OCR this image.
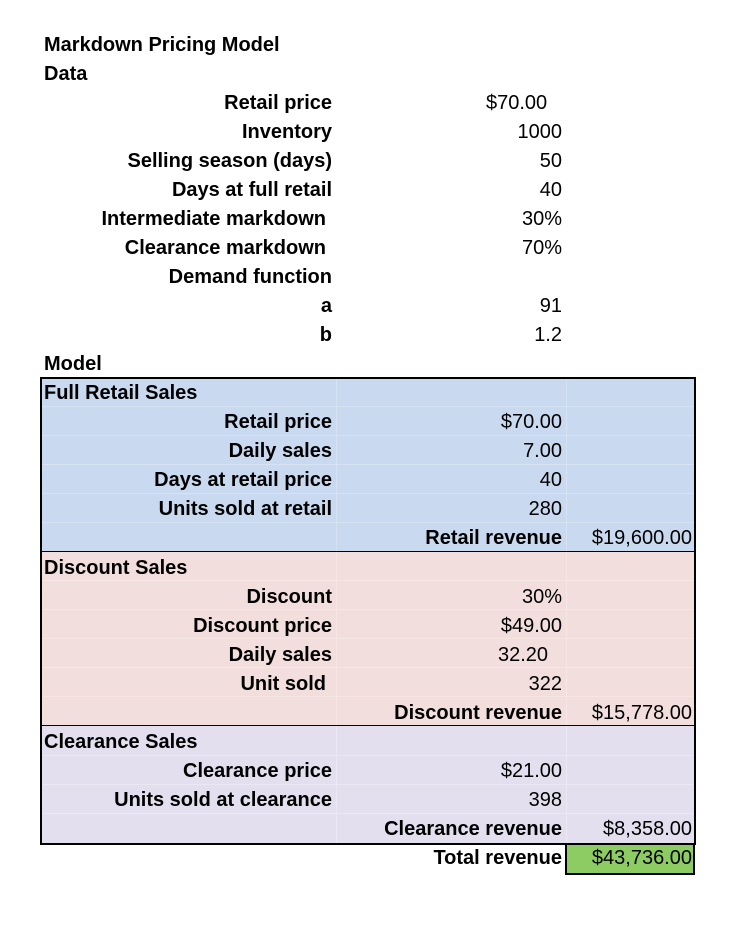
Markdown Pricing Model
Data
Retail price	$70.00
Inventory	1000
Selling season (days)	50
Days at full retail	40
Intermediate markdown	30%
Clearance markdown	70%
Demand function
a	91
b	1.2
Model
Full Retail Sales
Retail price	$70.00
Daily sales	7.00
Days at retail price	40
Units sold at retail	280
Retail revenue $19,600.00
Discount Sales
Discount	30%
Discount price	$49.00
Daily sales	32.20
Unit sold	322
Discount revenue $15,778.00
Clearance Sales
Clearance price	$21.00
Units sold at clearance	398
Clearance revenue $8,358.00
Total revenue $43,736.00
